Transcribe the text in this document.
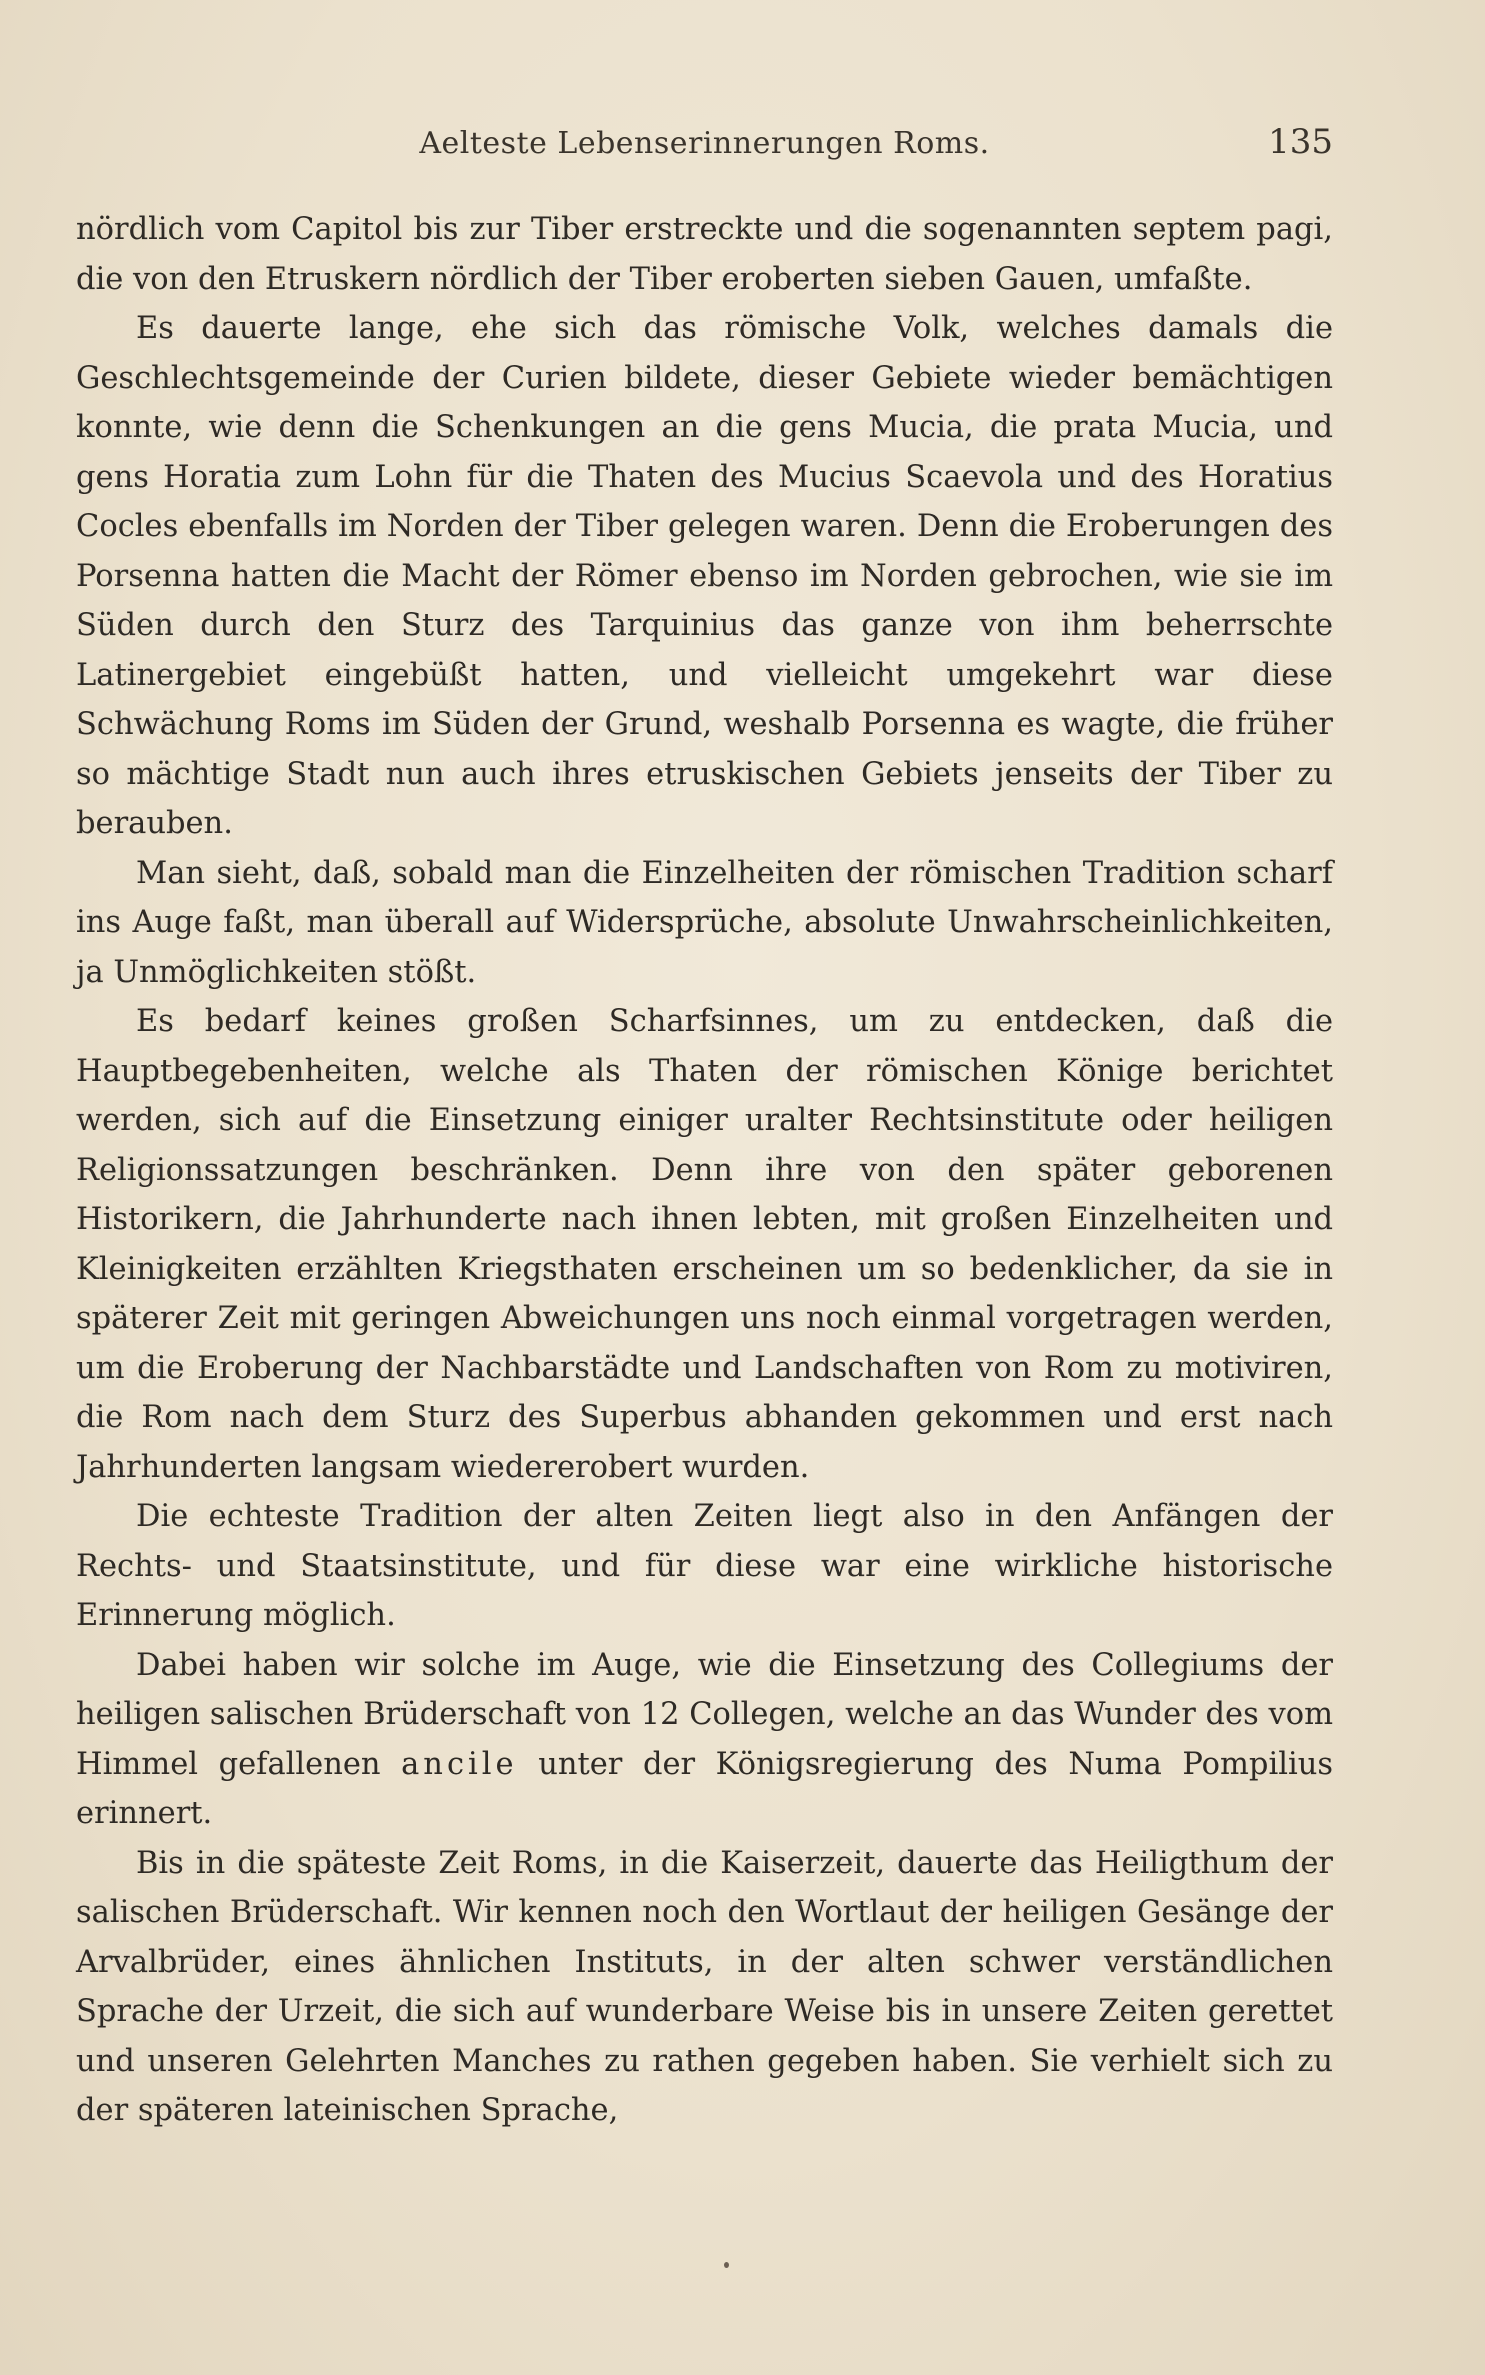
Aelteste Lebenserinnerungen Roms.	135

nördlich vom Capitol bis zur Tiber erstreckte und die sogenannten septem pagi, die von den Etruskern nördlich der Tiber eroberten sieben Gauen, umfaßte.

Es dauerte lange, ehe sich das römische Volk, welches damals die Geschlechtsgemeinde der Curien bildete, dieser Gebiete wieder bemächtigen konnte, wie denn die Schenkungen an die gens Mucia, die prata Mucia, und gens Horatia zum Lohn für die Thaten des Mucius Scaevola und des Horatius Cocles ebenfalls im Norden der Tiber gelegen waren. Denn die Eroberungen des Porsenna hatten die Macht der Römer ebenso im Norden gebrochen, wie sie im Süden durch den Sturz des Tarquinius das ganze von ihm beherrschte Latinergebiet eingebüßt hatten, und vielleicht umgekehrt war diese Schwächung Roms im Süden der Grund, weshalb Porsenna es wagte, die früher so mächtige Stadt nun auch ihres etruskischen Gebiets jenseits der Tiber zu berauben.

Man sieht, daß, sobald man die Einzelheiten der römischen Tradition scharf ins Auge faßt, man überall auf Widersprüche, absolute Unwahrscheinlichkeiten, ja Unmöglichkeiten stößt.

Es bedarf keines großen Scharfsinnes, um zu entdecken, daß die Hauptbegebenheiten, welche als Thaten der römischen Könige berichtet werden, sich auf die Einsetzung einiger uralter Rechtsinstitute oder heiligen Religionssatzungen beschränken. Denn ihre von den später geborenen Historikern, die Jahrhunderte nach ihnen lebten, mit großen Einzelheiten und Kleinigkeiten erzählten Kriegsthaten erscheinen um so bedenklicher, da sie in späterer Zeit mit geringen Abweichungen uns noch einmal vorgetragen werden, um die Eroberung der Nachbarstädte und Landschaften von Rom zu motiviren, die Rom nach dem Sturz des Superbus abhanden gekommen und erst nach Jahrhunderten langsam wiedererobert wurden.

Die echteste Tradition der alten Zeiten liegt also in den Anfängen der Rechts- und Staatsinstitute, und für diese war eine wirkliche historische Erinnerung möglich.

Dabei haben wir solche im Auge, wie die Einsetzung des Collegiums der heiligen salischen Brüderschaft von 12 Collegen, welche an das Wunder des vom Himmel gefallenen ancile unter der Königsregierung des Numa Pompilius erinnert.

Bis in die späteste Zeit Roms, in die Kaiserzeit, dauerte das Heiligthum der salischen Brüderschaft. Wir kennen noch den Wortlaut der heiligen Gesänge der Arvalbrüder, eines ähnlichen Instituts, in der alten schwer verständlichen Sprache der Urzeit, die sich auf wunderbare Weise bis in unsere Zeiten gerettet und unseren Gelehrten Manches zu rathen gegeben haben. Sie verhielt sich zu der späteren lateinischen Sprache,
